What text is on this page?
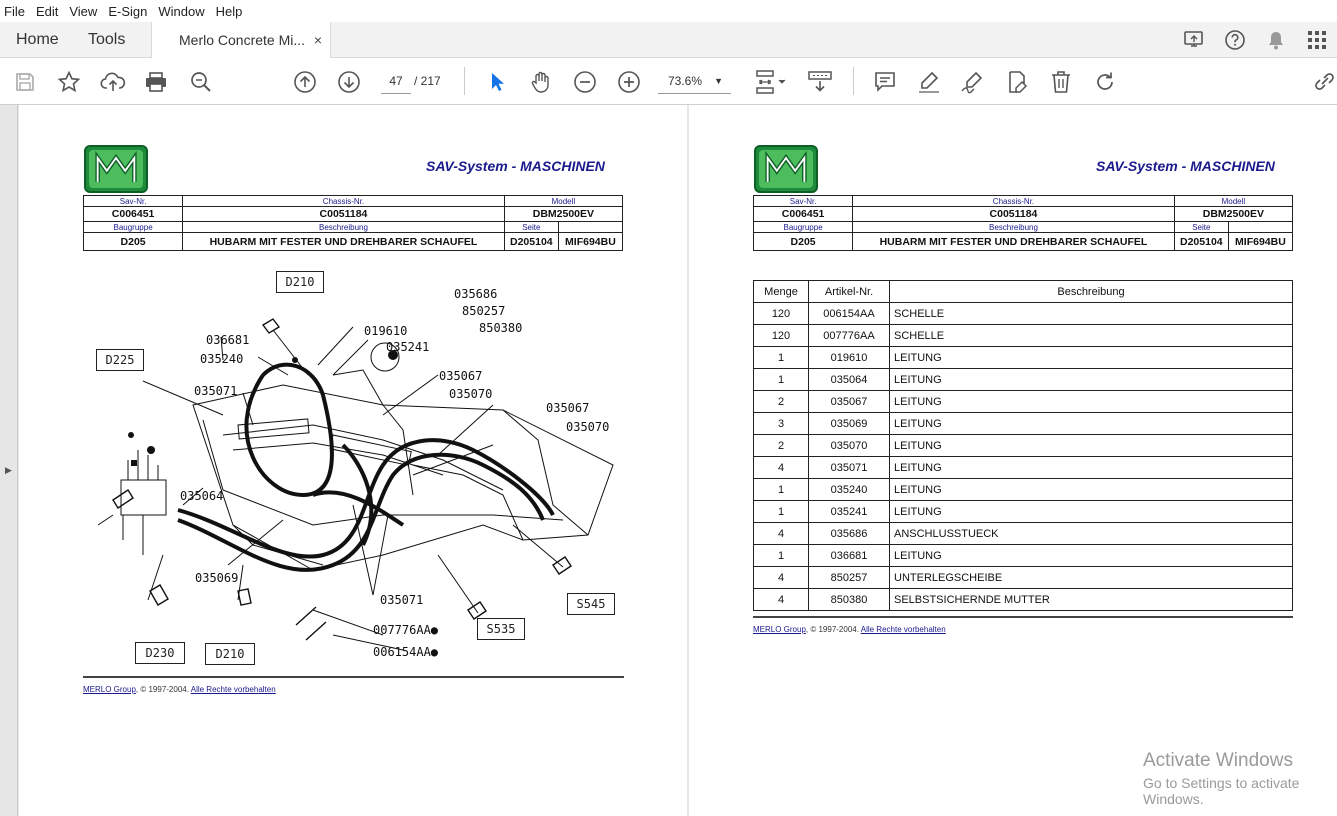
File Edit View E-Sign Window Help
Home Tools	Merlo Concrete Mi... ×
47 / 217	73.6% ▼
▶
SAV-System - MASCHINEN
Sav-Nr.	Chassis-Nr.	Modell	
C006451	C0051184	DBM2500EV	
Baugruppe	Beschreibung	Seite	
D205	HUBARM MIT FESTER UND DREHBARER SCHAUFEL	D205104	MIF694BU
D210
D225
D230	D210
S535
S545
035686
850257
850380
036681
035240
019610
035241
035071
035067
035070
035067
035070
035064
035069
035071
007776AA●
006154AA●
MERLO Group, © 1997-2004. Alle Rechte vorbehalten
SAV-System - MASCHINEN
Sav-Nr.	Chassis-Nr.	Modell	
C006451	C0051184	DBM2500EV	
Baugruppe	Beschreibung	Seite	
D205	HUBARM MIT FESTER UND DREHBARER SCHAUFEL	D205104	MIF694BU
Menge	Artikel-Nr.	Beschreibung
120	006154AA	SCHELLE
120	007776AA	SCHELLE
1	019610	LEITUNG
1	035064	LEITUNG
2	035067	LEITUNG
3	035069	LEITUNG
2	035070	LEITUNG
4	035071	LEITUNG
1	035240	LEITUNG
1	035241	LEITUNG
4	035686	ANSCHLUSSTUECK
1	036681	LEITUNG
4	850257	UNTERLEGSCHEIBE
4	850380	SELBSTSICHERNDE MUTTER
MERLO Group, © 1997-2004. Alle Rechte vorbehalten
Activate Windows
Go to Settings to activate Windows.
